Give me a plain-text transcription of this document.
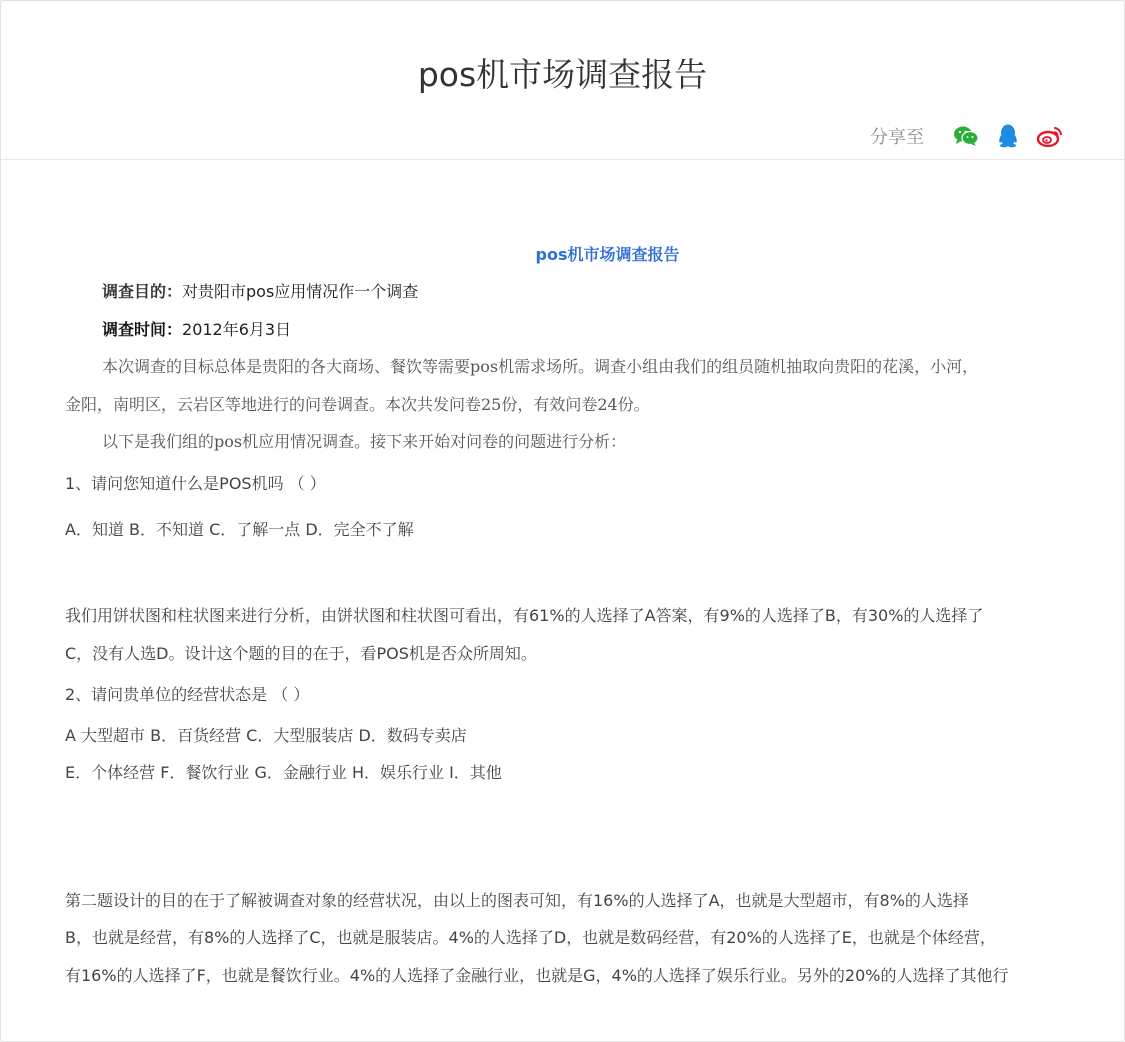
pos机市场调查报告
分享至
pos机市场调查报告

调查目的：对贵阳市pos应用情况作一个调查

调查时间：2012年6月3日

本次调查的目标总体是贵阳的各大商场、餐饮等需要pos机需求场所。调查小组由我们的组员随机抽取向贵阳的花溪，小河，

金阳，南明区，云岩区等地进行的问卷调查。本次共发问卷25份，有效问卷24份。

以下是我们组的pos机应用情况调查。接下来开始对问卷的问题进行分析：

1、请问您知道什么是POS机吗 （ ）

A．知道 B．不知道 C．了解一点 D．完全不了解

我们用饼状图和柱状图来进行分析，由饼状图和柱状图可看出，有61%的人选择了A答案，有9%的人选择了B，有30%的人选择了

C，没有人选D。设计这个题的目的在于，看POS机是否众所周知。

2、请问贵单位的经营状态是 （ ）

A 大型超市 B．百货经营 C．大型服装店 D．数码专卖店

E．个体经营 F．餐饮行业 G．金融行业 H．娱乐行业 I．其他

第二题设计的目的在于了解被调查对象的经营状况，由以上的图表可知，有16%的人选择了A，也就是大型超市，有8%的人选择

B，也就是经营，有8%的人选择了C，也就是服装店。4%的人选择了D，也就是数码经营，有20%的人选择了E，也就是个体经营，

有16%的人选择了F，也就是餐饮行业。4%的人选择了金融行业，也就是G，4%的人选择了娱乐行业。另外的20%的人选择了其他行
